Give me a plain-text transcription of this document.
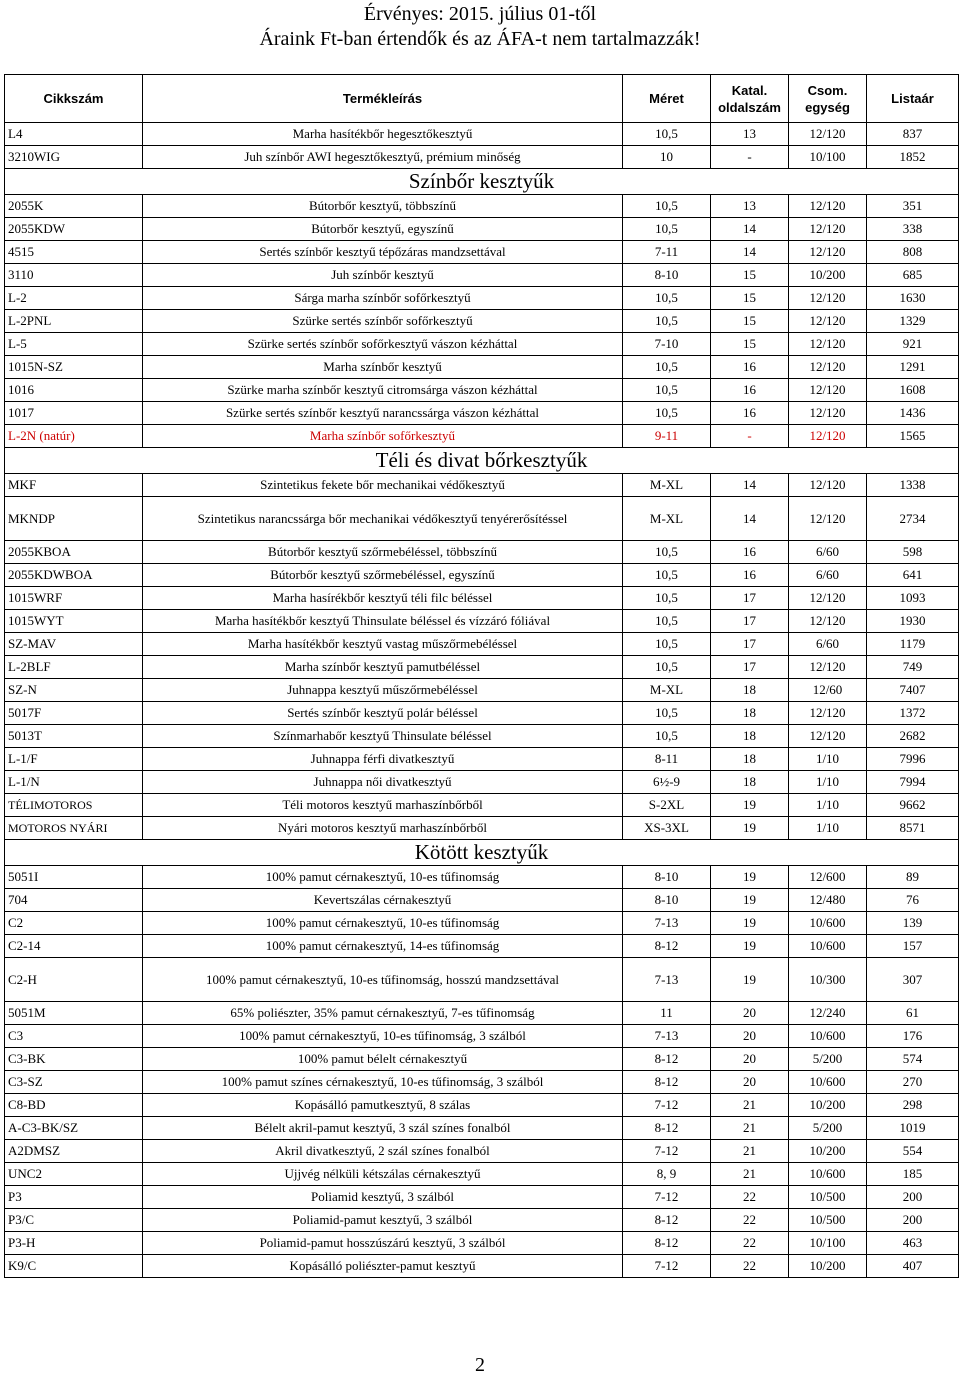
Érvényes: 2015. július 01-től
Áraink Ft-ban értendők és az ÁFA-t nem tartalmazzák!
Cikkszám	Termékleírás	Méret	Katal. oldalszám	Csom. egység	Listaár
L4	Marha hasítékbőr hegesztőkesztyű	10,5	13	12/120	837
3210WIG	Juh színbőr AWI hegesztőkesztyű, prémium minőség	10	-	10/100	1852
Színbőr kesztyűk					
2055K	Bútorbőr kesztyű, többszínű	10,5	13	12/120	351
2055KDW	Bútorbőr kesztyű, egyszínű	10,5	14	12/120	338
4515	Sertés színbőr kesztyű tépőzáras mandzsettával	7-11	14	12/120	808
3110	Juh színbőr kesztyű	8-10	15	10/200	685
L-2	Sárga marha színbőr sofőrkesztyű	10,5	15	12/120	1630
L-2PNL	Szürke sertés színbőr sofőrkesztyű	10,5	15	12/120	1329
L-5	Szürke sertés színbőr sofőrkesztyű vászon kézháttal	7-10	15	12/120	921
1015N-SZ	Marha színbőr kesztyű	10,5	16	12/120	1291
1016	Szürke marha színbőr kesztyű citromsárga vászon kézháttal	10,5	16	12/120	1608
1017	Szürke sertés színbőr kesztyű narancssárga vászon kézháttal	10,5	16	12/120	1436
L-2N (natúr)	Marha színbőr sofőrkesztyű	9-11	-	12/120	1565
Téli és divat bőrkesztyűk					
MKF	Szintetikus fekete bőr mechanikai védőkesztyű	M-XL	14	12/120	1338
MKNDP	Szintetikus narancssárga bőr mechanikai védőkesztyű tenyérerősítéssel	M-XL	14	12/120	2734
2055KBOA	Bútorbőr kesztyű szőrmebéléssel, többszínű	10,5	16	6/60	598
2055KDWBOA	Bútorbőr kesztyű szőrmebéléssel, egyszínű	10,5	16	6/60	641
1015WRF	Marha hasírékbőr kesztyű téli filc béléssel	10,5	17	12/120	1093
1015WYT	Marha hasítékbőr kesztyű Thinsulate béléssel és vízzáró fóliával	10,5	17	12/120	1930
SZ-MAV	Marha hasítékbőr kesztyű vastag műszőrmebéléssel	10,5	17	6/60	1179
L-2BLF	Marha színbőr kesztyű pamutbéléssel	10,5	17	12/120	749
SZ-N	Juhnappa kesztyű műszőrmebéléssel	M-XL	18	12/60	7407
5017F	Sertés színbőr kesztyű polár béléssel	10,5	18	12/120	1372
5013T	Színmarhabőr kesztyű Thinsulate béléssel	10,5	18	12/120	2682
L-1/F	Juhnappa férfi divatkesztyű	8-11	18	1/10	7996
L-1/N	Juhnappa női divatkesztyű	6½-9	18	1/10	7994
TÉLIMOTOROS	Téli motoros kesztyű marhaszínbőrből	S-2XL	19	1/10	9662
MOTOROS NYÁRI	Nyári motoros kesztyű marhaszínbőrből	XS-3XL	19	1/10	8571
Kötött kesztyűk					
5051I	100% pamut cérnakesztyű, 10-es tűfinomság	8-10	19	12/600	89
704	Kevertszálas cérnakesztyű	8-10	19	12/480	76
C2	100% pamut cérnakesztyű, 10-es tűfinomság	7-13	19	10/600	139
C2-14	100% pamut cérnakesztyű, 14-es tűfinomság	8-12	19	10/600	157
C2-H	100% pamut cérnakesztyű, 10-es tűfinomság, hosszú mandzsettával	7-13	19	10/300	307
5051M	65% poliészter, 35% pamut cérnakesztyű, 7-es tűfinomság	11	20	12/240	61
C3	100% pamut cérnakesztyű, 10-es tűfinomság, 3 szálból	7-13	20	10/600	176
C3-BK	100% pamut bélelt cérnakesztyű	8-12	20	5/200	574
C3-SZ	100% pamut színes cérnakesztyű, 10-es tűfinomság, 3 szálból	8-12	20	10/600	270
C8-BD	Kopásálló pamutkesztyű, 8 szálas	7-12	21	10/200	298
A-C3-BK/SZ	Bélelt akril-pamut kesztyű, 3 szál színes fonalból	8-12	21	5/200	1019
A2DMSZ	Akril divatkesztyű, 2 szál színes fonalból	7-12	21	10/200	554
UNC2	Ujjvég nélküli kétszálas cérnakesztyű	8, 9	21	10/600	185
P3	Poliamid kesztyű, 3 szálból	7-12	22	10/500	200
P3/C	Poliamid-pamut kesztyű, 3 szálból	8-12	22	10/500	200
P3-H	Poliamid-pamut hosszúszárú kesztyű, 3 szálból	8-12	22	10/100	463
K9/C	Kopásálló poliészter-pamut kesztyű	7-12	22	10/200	407
2
